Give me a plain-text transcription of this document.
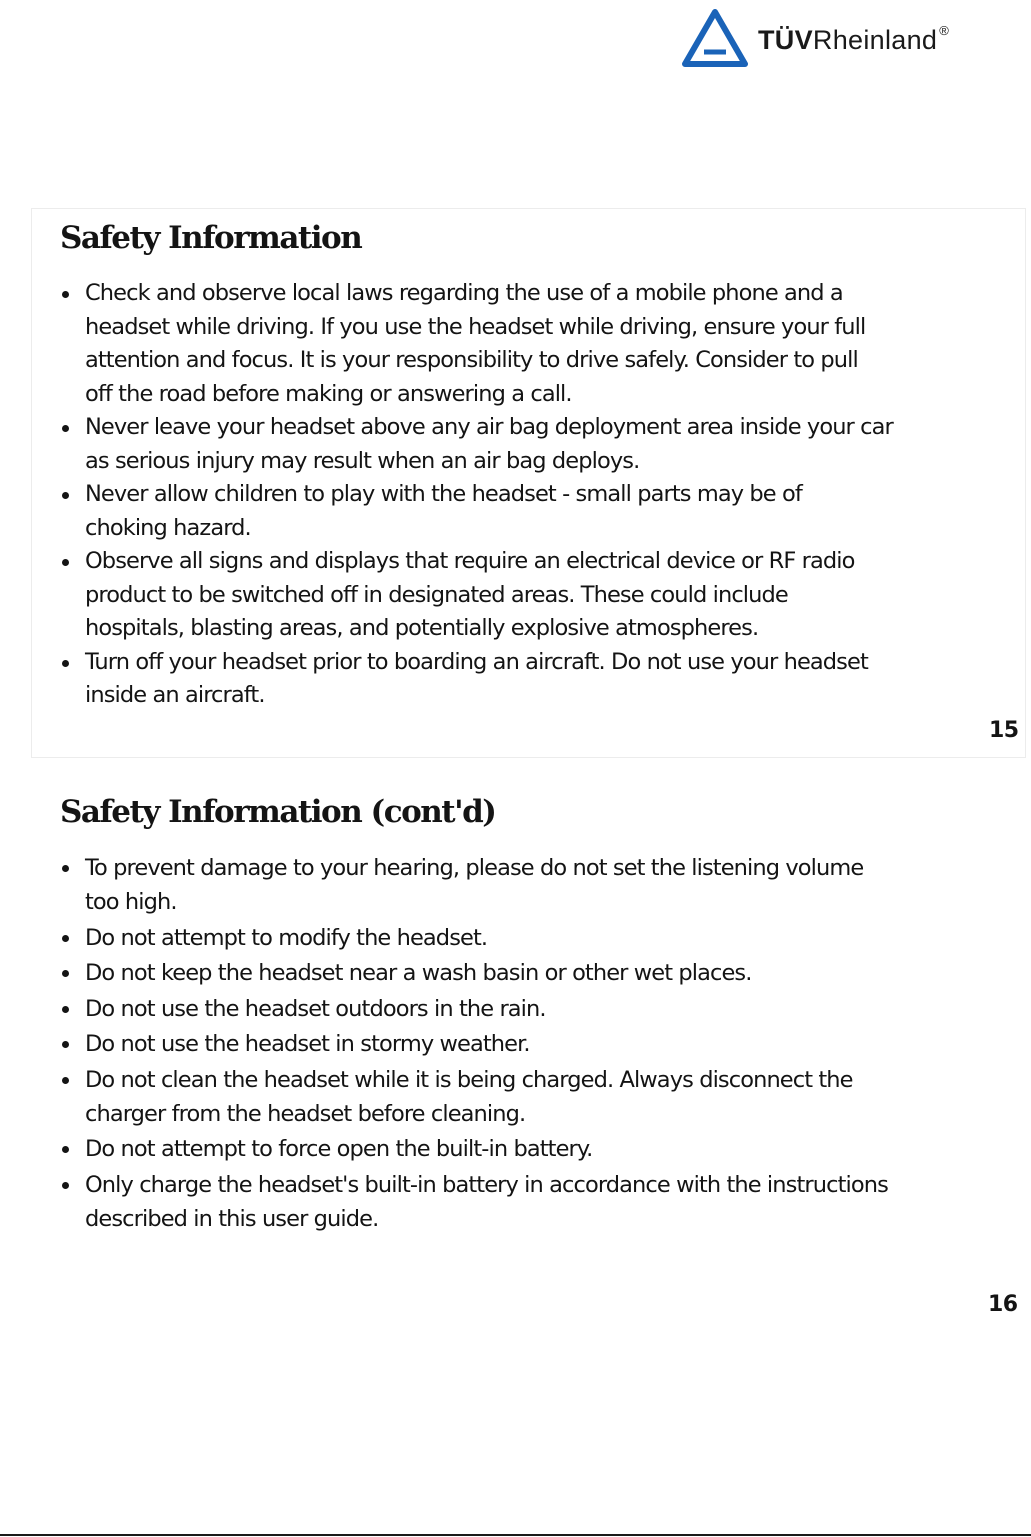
TÜVRheinland ®
Safety Information
Check and observe local laws regarding the use of a mobile phone and a
headset while driving. If you use the headset while driving, ensure your full
attention and focus. It is your responsibility to drive safely. Consider to pull
off the road before making or answering a call.
Never leave your headset above any air bag deployment area inside your car
as serious injury may result when an air bag deploys.
Never allow children to play with the headset - small parts may be of
choking hazard.
Observe all signs and displays that require an electrical device or RF radio
product to be switched off in designated areas. These could include
hospitals, blasting areas, and potentially explosive atmospheres.
Turn off your headset prior to boarding an aircraft. Do not use your headset
inside an aircraft.
15
Safety Information (cont'd)
To prevent damage to your hearing, please do not set the listening volume
too high.
Do not attempt to modify the headset.
Do not keep the headset near a wash basin or other wet places.
Do not use the headset outdoors in the rain.
Do not use the headset in stormy weather.
Do not clean the headset while it is being charged. Always disconnect the
charger from the headset before cleaning.
Do not attempt to force open the built-in battery.
Only charge the headset's built-in battery in accordance with the instructions
described in this user guide.
16
